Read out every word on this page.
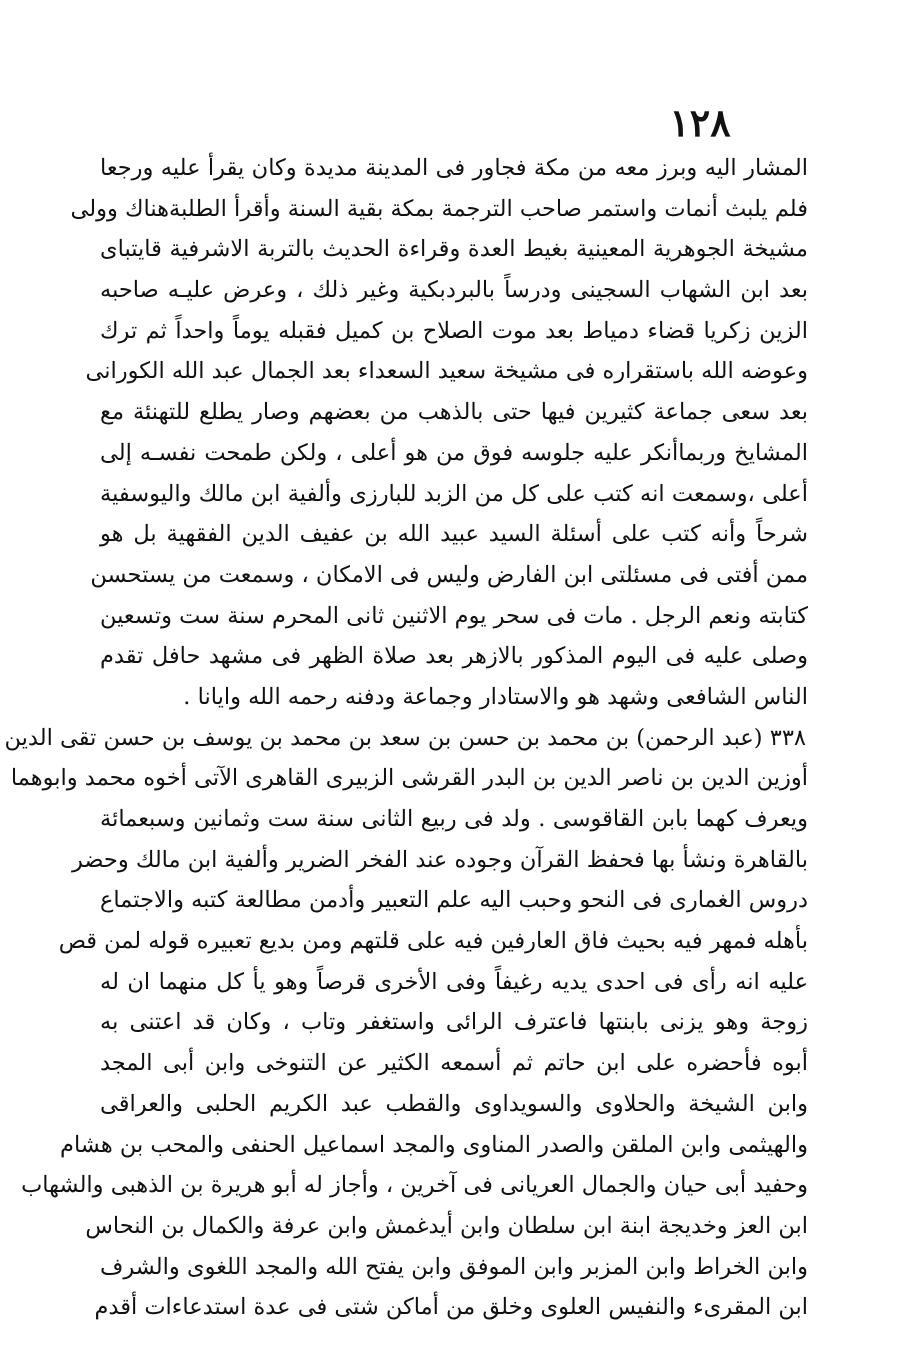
١٢٨
المشار اليه وبرز معه من مكة فجاور فى المدينة مديدة وكان يقرأ عليه ورجعا
فلم يلبث أنمات واستمر صاحب الترجمة بمكة بقية السنة وأقرأ الطلبةهناك وولى
مشيخة الجوهرية المعينية بغيط العدة وقراءة الحديث بالتربة الاشرفية قايتباى
بعد ابن الشهاب السجينى ودرساً بالبردبكية وغير ذلك ، وعرض عليـه صاحبه
الزين زكريا قضاء دمياط بعد موت الصلاح بن كميل فقبله يوماً واحداً ثم ترك
وعوضه الله باستقراره فى مشيخة سعيد السعداء بعد الجمال عبد الله الكورانى
بعد سعى جماعة كثيرين فيها حتى بالذهب من بعضهم وصار يطلع للتهنئة مع
المشايخ وربماأنكر عليه جلوسه فوق من هو أعلى ، ولكن طمحت نفسـه إلى
أعلى ،وسمعت انه كتب على كل من الزبد للبارزى وألفية ابن مالك واليوسفية
شرحاً وأنه كتب على أسئلة السيد عبيد الله بن عفيف الدين الفقهية بل هو
ممن أفتى فى مسئلتى ابن الفارض وليس فى الامكان ، وسمعت من يستحسن
كتابته ونعم الرجل . مات فى سحر يوم الاثنين ثانى المحرم سنة ست وتسعين
وصلى عليه فى اليوم المذكور بالازهر بعد صلاة الظهر فى مشهد حافل تقدم
الناس الشافعى وشهد هو والاستادار وجماعة ودفنه رحمه الله وايانا .
٣٣٨ (عبد الرحمن) بن محمد بن حسن بن سعد بن محمد بن يوسف بن حسن تقى الدين
أوزين الدين بن ناصر الدين بن البدر القرشى الزبيرى القاهرى الآتى أخوه محمد وابوهما
ويعرف كهما بابن القاقوسى . ولد فى ربيع الثانى سنة ست وثمانين وسبعمائة
بالقاهرة ونشأ بها فحفظ القرآن وجوده عند الفخر الضرير وألفية ابن مالك وحضر
دروس الغمارى فى النحو وحبب اليه علم التعبير وأدمن مطالعة كتبه والاجتماع
بأهله فمهر فيه بحيث فاق العارفين فيه على قلتهم ومن بديع تعبيره قوله لمن قص
عليه انه رأى فى احدى يديه رغيفاً وفى الأخرى قرصاً وهو يأ كل منهما ان له
زوجة وهو يزنى بابنتها فاعترف الرائى واستغفر وتاب ، وكان قد اعتنى به
أبوه فأحضره على ابن حاتم ثم أسمعه الكثير عن التنوخى وابن أبى المجد
وابن الشيخة والحلاوى والسويداوى والقطب عبد الكريم الحلبى والعراقى
والهيثمى وابن الملقن والصدر المناوى والمجد اسماعيل الحنفى والمحب بن هشام
وحفيد أبى حيان والجمال العريانى فى آخرين ، وأجاز له أبو هريرة بن الذهبى والشهاب
ابن العز وخديجة ابنة ابن سلطان وابن أيدغمش وابن عرفة والكمال بن النحاس
وابن الخراط وابن المزبر وابن الموفق وابن يفتح الله والمجد اللغوى والشرف
ابن المقرىء والنفيس العلوى وخلق من أماكن شتى فى عدة استدعاءات أقدم
